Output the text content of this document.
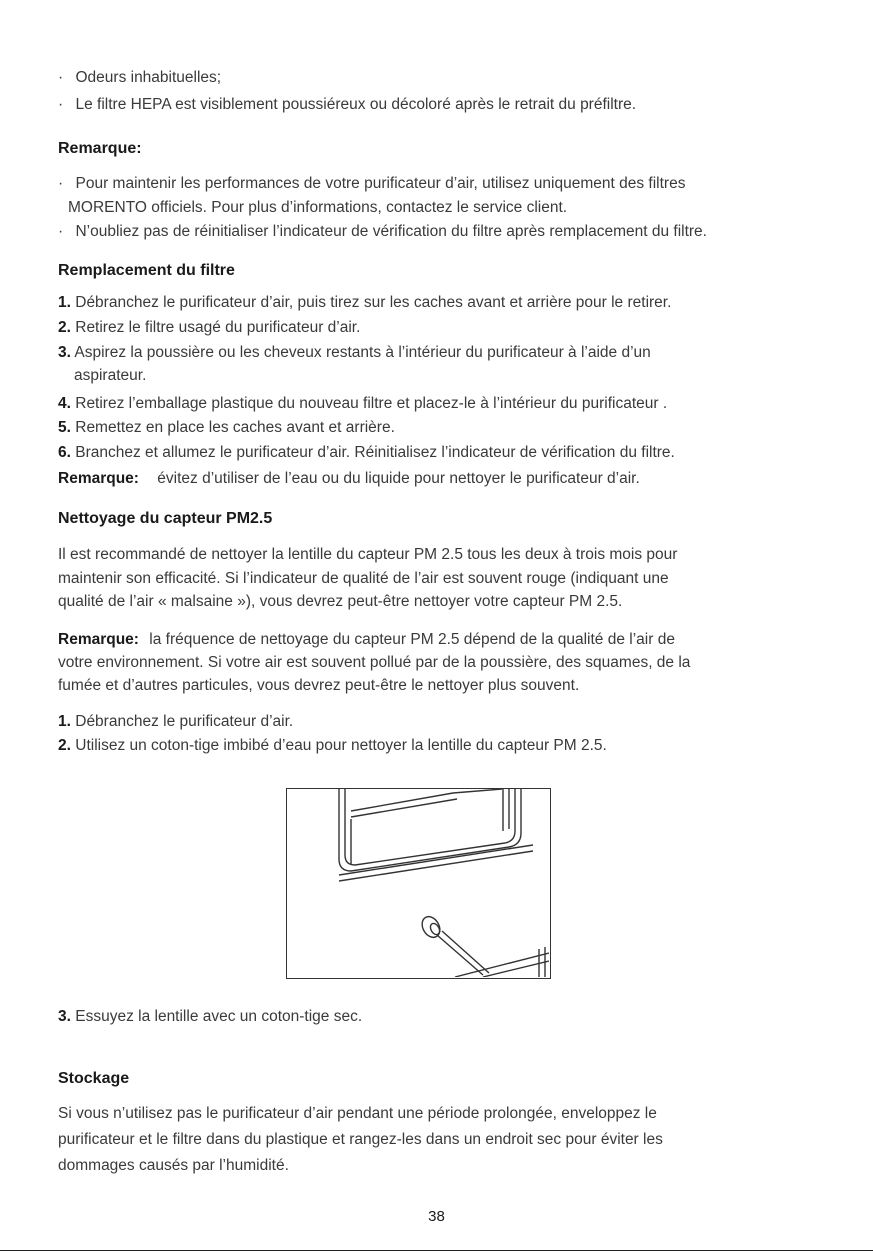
· Odeurs inhabituelles;
· Le filtre HEPA est visiblement poussiéreux ou décoloré après le retrait du préfiltre.
Remarque:
· Pour maintenir les performances de votre purificateur d’air, utilisez uniquement des filtres
MORENTO officiels. Pour plus d’informations, contactez le service client.
· N’oubliez pas de réinitialiser l’indicateur de vérification du filtre après remplacement du filtre.
Remplacement du filtre
1. Débranchez le purificateur d’air, puis tirez sur les caches avant et arrière pour le retirer.
2. Retirez le filtre usagé du purificateur d’air.
3. Aspirez la poussière ou les cheveux restants à l’intérieur du purificateur à l’aide d’un
aspirateur.
4. Retirez l’emballage plastique du nouveau filtre et placez-le à l’intérieur du purificateur .
5. Remettez en place les caches avant et arrière.
6. Branchez et allumez le purificateur d’air. Réinitialisez l’indicateur de vérification du filtre.
Remarque: évitez d’utiliser de l’eau ou du liquide pour nettoyer le purificateur d’air.
Nettoyage du capteur PM2.5
Il est recommandé de nettoyer la lentille du capteur PM 2.5 tous les deux à trois mois pour
maintenir son efficacité. Si l’indicateur de qualité de l’air est souvent rouge (indiquant une
qualité de l’air « malsaine »), vous devrez peut-être nettoyer votre capteur PM 2.5.
Remarque: la fréquence de nettoyage du capteur PM 2.5 dépend de la qualité de l’air de
votre environnement. Si votre air est souvent pollué par de la poussière, des squames, de la
fumée et d’autres particules, vous devrez peut-être le nettoyer plus souvent.
1. Débranchez le purificateur d’air.
2. Utilisez un coton-tige imbibé d’eau pour nettoyer la lentille du capteur PM 2.5.
3. Essuyez la lentille avec un coton-tige sec.
Stockage
Si vous n’utilisez pas le purificateur d’air pendant une période prolongée, enveloppez le
purificateur et le filtre dans du plastique et rangez-les dans un endroit sec pour éviter les
dommages causés par l’humidité.
38
